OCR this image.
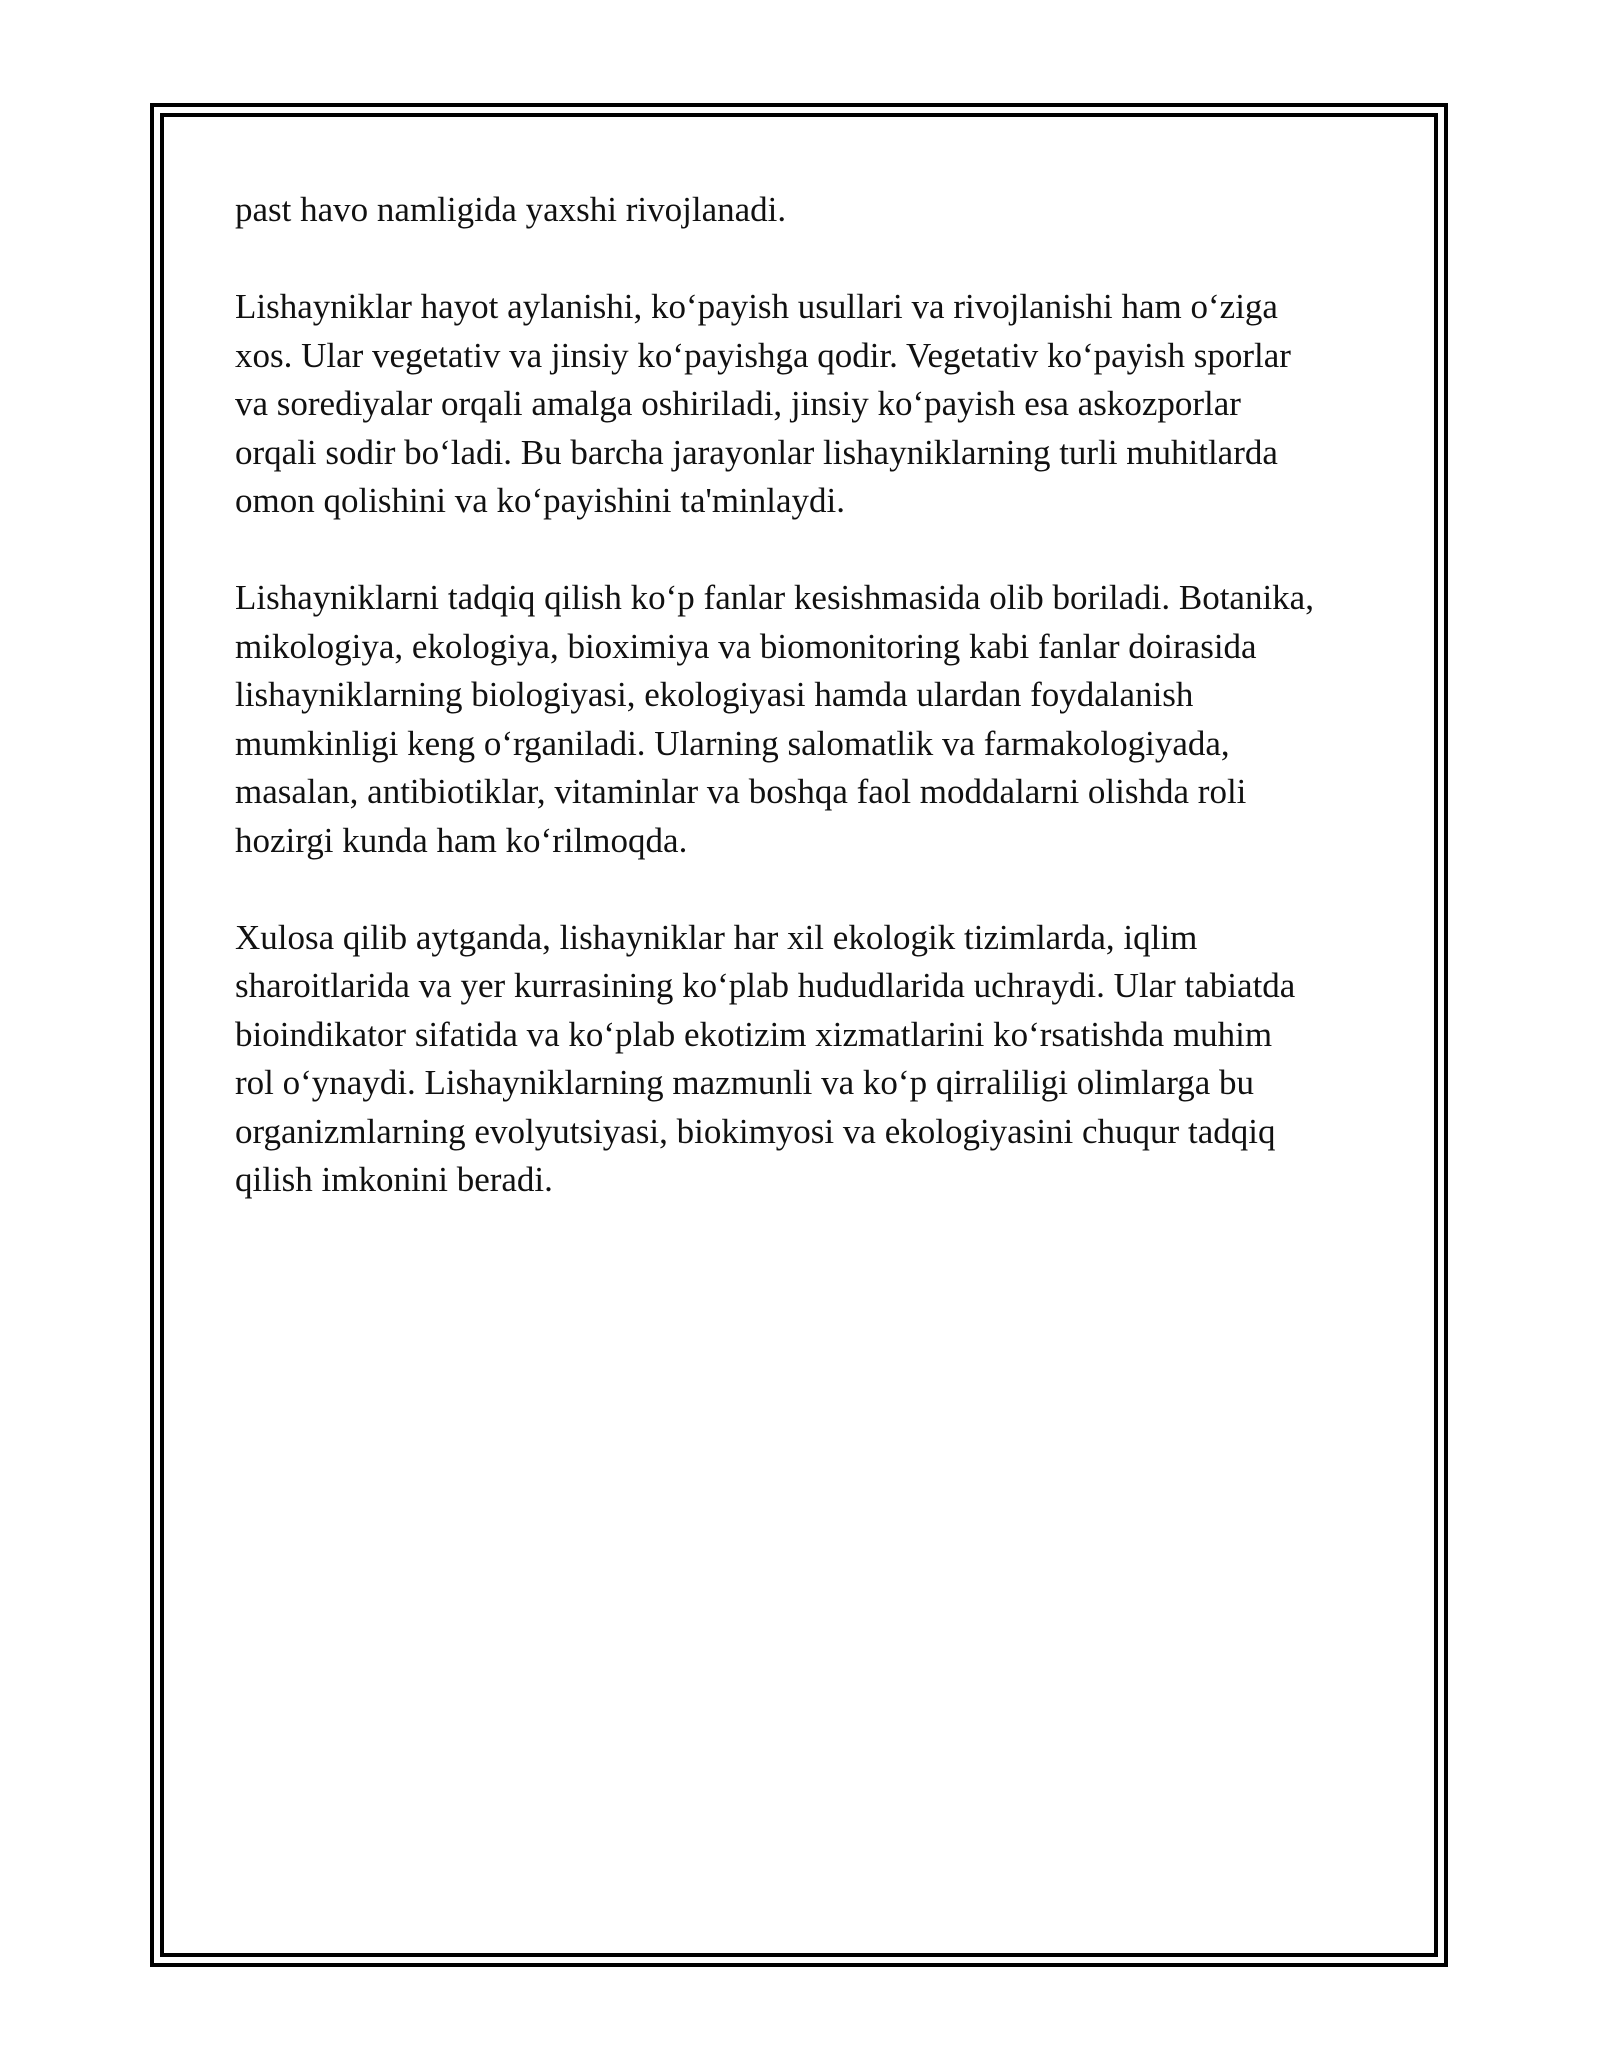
past havo namligida yaxshi rivojlanadi.

Lishayniklar hayot aylanishi, ko‘payish usullari va rivojlanishi ham o‘ziga
xos. Ular vegetativ va jinsiy ko‘payishga qodir. Vegetativ ko‘payish sporlar
va sorediyalar orqali amalga oshiriladi, jinsiy ko‘payish esa askozporlar
orqali sodir bo‘ladi. Bu barcha jarayonlar lishayniklarning turli muhitlarda
omon qolishini va ko‘payishini ta'minlaydi.

Lishayniklarni tadqiq qilish ko‘p fanlar kesishmasida olib boriladi. Botanika,
mikologiya, ekologiya, bioximiya va biomonitoring kabi fanlar doirasida
lishayniklarning biologiyasi, ekologiyasi hamda ulardan foydalanish
mumkinligi keng o‘rganiladi. Ularning salomatlik va farmakologiyada,
masalan, antibiotiklar, vitaminlar va boshqa faol moddalarni olishda roli
hozirgi kunda ham ko‘rilmoqda.

Xulosa qilib aytganda, lishayniklar har xil ekologik tizimlarda, iqlim
sharoitlarida va yer kurrasining ko‘plab hududlarida uchraydi. Ular tabiatda
bioindikator sifatida va ko‘plab ekotizim xizmatlarini ko‘rsatishda muhim
rol o‘ynaydi. Lishayniklarning mazmunli va ko‘p qirraliligi olimlarga bu
organizmlarning evolyutsiyasi, biokimyosi va ekologiyasini chuqur tadqiq
qilish imkonini beradi.
